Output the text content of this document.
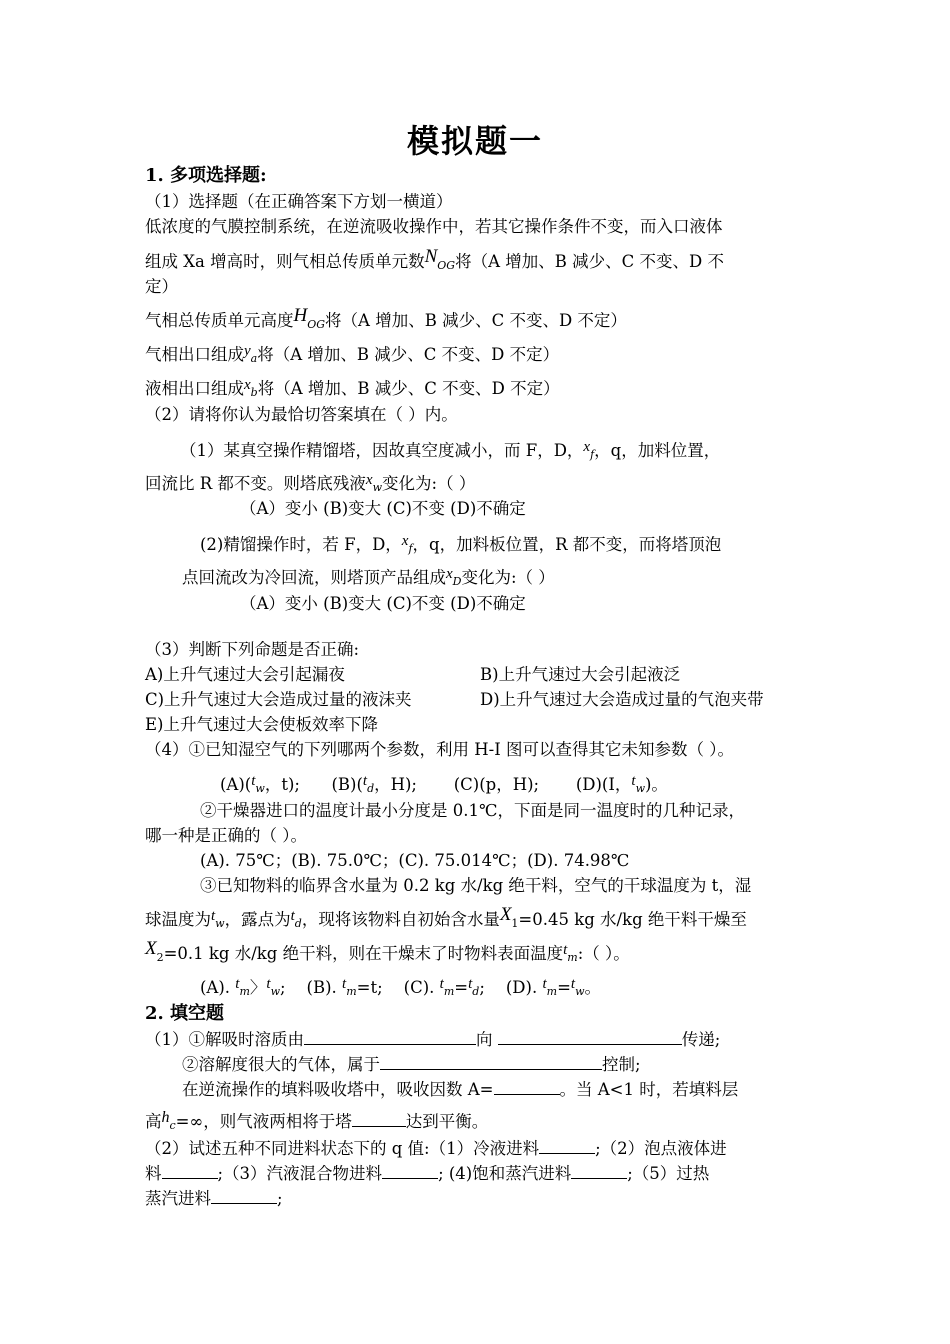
模拟题一
1. 多项选择题:
（1）选择题（在正确答案下方划一横道）
低浓度的气膜控制系统，在逆流吸收操作中，若其它操作条件不变，而入口液体
组成 Xa 增高时，则气相总传质单元数NOG将（A 增加、B 减少、C 不变、D 不
定）
气相总传质单元高度HOG将（A 增加、B 减少、C 不变、D 不定）
气相出口组成ya将（A 增加、B 减少、C 不变、D 不定）
液相出口组成xb将（A 增加、B 减少、C 不变、D 不定）
（2）请将你认为最恰切答案填在（ ）内。
（1）某真空操作精馏塔，因故真空度减小，而 F，D，xf，q，加料位置，
回流比 R 都不变。则塔底残液xw变化为:（ ）
（A）变小 (B)变大 (C)不变 (D)不确定
(2)精馏操作时，若 F，D，xf，q，加料板位置，R 都不变，而将塔顶泡
点回流改为冷回流，则塔顶产品组成xD变化为:（ ）
（A）变小 (B)变大 (C)不变 (D)不确定
（3）判断下列命题是否正确:
A)上升气速过大会引起漏夜	B)上升气速过大会引起液泛
C)上升气速过大会造成过量的液沫夹	D)上升气速过大会造成过量的气泡夹带
E)上升气速过大会使板效率下降
（4）①已知湿空气的下列哪两个参数，利用 H-I 图可以查得其它未知参数（ ）。
(A)(tw，t); (B)(td，H); (C)(p，H); (D)(I，tw)。
②干燥器进口的温度计最小分度是 0.1℃，下面是同一温度时的几种记录，
哪一种是正确的（ ）。
(A). 75℃；(B). 75.0℃；(C). 75.014℃；(D). 74.98℃
③已知物料的临界含水量为 0.2 kg 水/kg 绝干料，空气的干球温度为 t，湿
球温度为tw，露点为td，现将该物料自初始含水量X1=0.45 kg 水/kg 绝干料干燥至
X2=0.1 kg 水/kg 绝干料，则在干燥末了时物料表面温度tm:（ ）。
(A). tm〉tw;    (B). tm=t; (C). tm=td;    (D). tm=tw。
2. 填空题
（1）①解吸时溶质由	向	传递;
②溶解度很大的气体，属于	控制;
在逆流操作的填料吸收塔中，吸收因数 A=	。当 A<1 时，若填料层
高hc=∞，则气液两相将于塔	达到平衡。
（2）试述五种不同进料状态下的 q 值:（1）冷液进料	;（2）泡点液体进
料	;（3）汽液混合物进料	; (4)饱和蒸汽进料	;（5）过热
蒸汽进料	;
